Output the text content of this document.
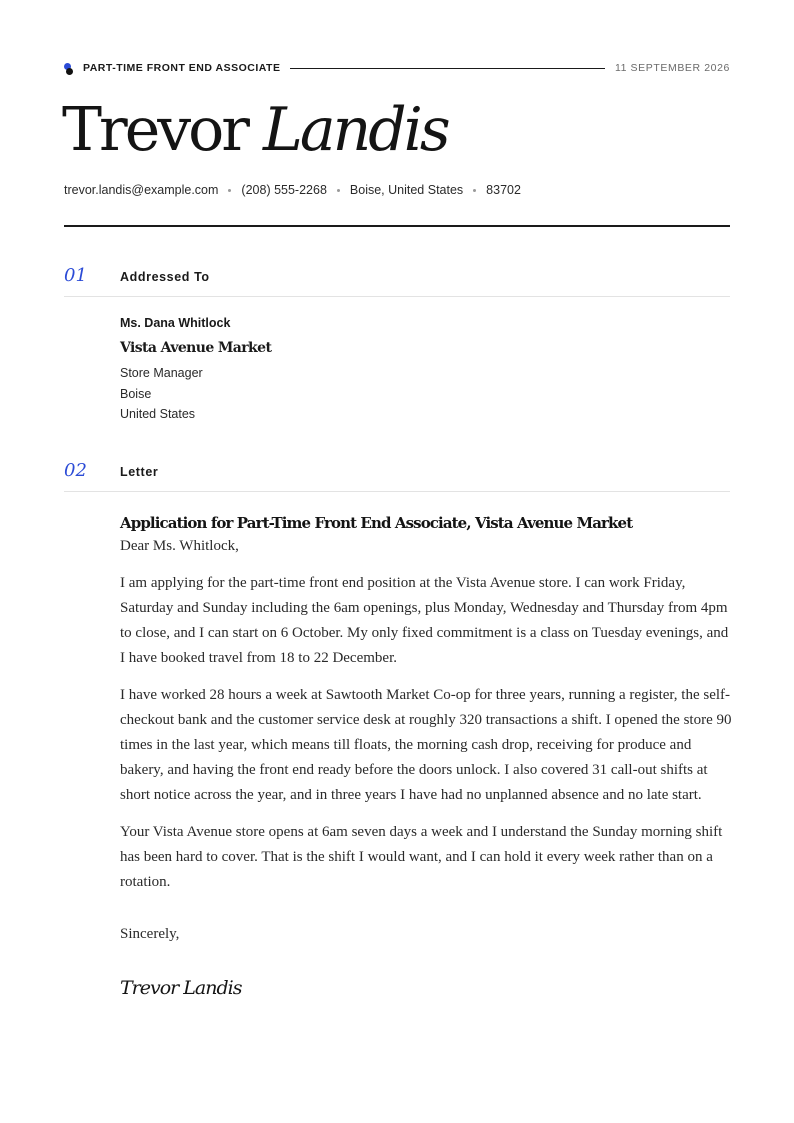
PART-TIME FRONT END ASSOCIATE	11 SEPTEMBER 2026
Trevor Landis
trevor.landis@example.com (208) 555-2268 Boise, United States 83702
01	Addressed To
Ms. Dana Whitlock
Vista Avenue Market
Store Manager
Boise
United States
02	Letter
Application for Part-Time Front End Associate, Vista Avenue Market
Dear Ms. Whitlock,

I am applying for the part-time front end position at the Vista Avenue store. I can work Friday, Saturday and Sunday including the 6am openings, plus Monday, Wednesday and Thursday from 4pm to close, and I can start on 6 October. My only fixed commitment is a class on Tuesday evenings, and I have booked travel from 18 to 22 December.

I have worked 28 hours a week at Sawtooth Market Co-op for three years, running a register, the self-checkout bank and the customer service desk at roughly 320 transactions a shift. I opened the store 90 times in the last year, which means till floats, the morning cash drop, receiving for produce and bakery, and having the front end ready before the doors unlock. I also covered 31 call-out shifts at short notice across the year, and in three years I have had no unplanned absence and no late start.

Your Vista Avenue store opens at 6am seven days a week and I understand the Sunday morning shift has been hard to cover. That is the shift I would want, and I can hold it every week rather than on a rotation.

Sincerely,
Trevor Landis
